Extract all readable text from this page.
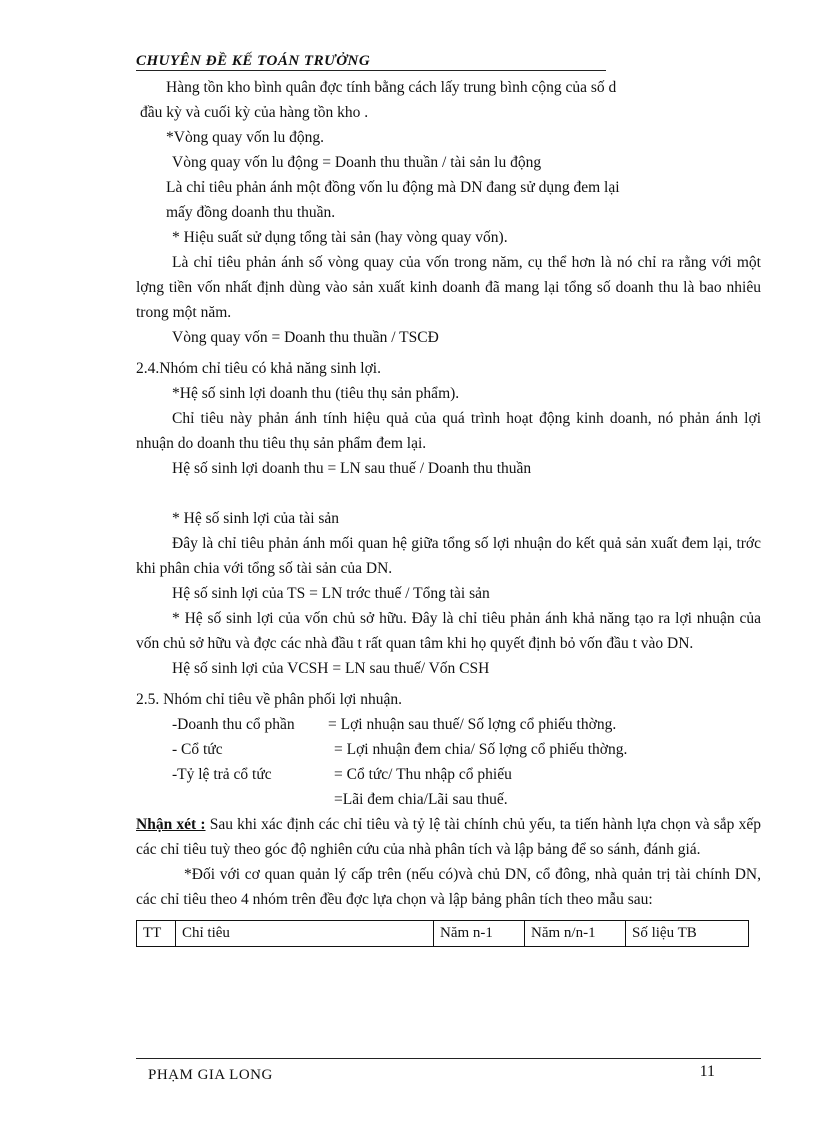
CHUYÊN ĐỀ KẾ TOÁN TRƯỞNG

Hàng tồn kho bình quân đợc tính bằng cách lấy trung bình cộng của số d

đầu kỳ và cuối kỳ của hàng tồn kho .

*Vòng quay vốn lu động.

Vòng quay vốn lu động = Doanh thu thuần / tài sản lu động

Là chỉ tiêu phản ánh một đồng vốn lu động mà DN đang sử dụng đem lại

mấy đồng doanh thu thuần.

* Hiệu suất sử dụng tổng tài sản (hay vòng quay vốn).

Là chỉ tiêu phản ánh số vòng quay của vốn trong năm, cụ thể hơn là nó chỉ ra rằng với một lợng tiền vốn nhất định dùng vào sản xuất kinh doanh đã mang lại tổng số doanh thu là bao nhiêu trong một năm.

Vòng quay vốn = Doanh thu thuần / TSCĐ

2.4.Nhóm chỉ tiêu có khả năng sinh lợi.

*Hệ số sinh lợi doanh thu (tiêu thụ sản phẩm).

Chỉ tiêu này phản ánh tính hiệu quả của quá trình hoạt động kinh doanh, nó phản ánh lợi nhuận do doanh thu tiêu thụ sản phẩm đem lại.

Hệ số sinh lợi doanh thu = LN sau thuế / Doanh thu thuần

* Hệ số sinh lợi của tài sản

Đây là chỉ tiêu phản ánh mối quan hệ giữa tổng số lợi nhuận do kết quả sản xuất đem lại, trớc khi phân chia với tổng số tài sản của DN.

Hệ số sinh lợi của TS = LN trớc thuế / Tổng tài sản

* Hệ số sinh lợi của vốn chủ sở hữu. Đây là chỉ tiêu phản ánh khả năng tạo ra lợi nhuận của vốn chủ sở hữu và đợc các nhà đầu t rất quan tâm khi họ quyết định bỏ vốn đầu t vào DN.

Hệ số sinh lợi của VCSH = LN sau thuế/ Vốn CSH

2.5. Nhóm chỉ tiêu về phân phối lợi nhuận.

-Doanh thu cổ phần	= Lợi nhuận sau thuế/ Số lợng cổ phiếu thờng.
- Cổ tức	= Lợi nhuận đem chia/ Số lợng cổ phiếu thờng.
-Tỷ lệ trả cổ tức	= Cổ tức/ Thu nhập cổ phiếu
=Lãi đem chia/Lãi sau thuế.

Nhận xét : Sau khi xác định các chỉ tiêu và tỷ lệ tài chính chủ yếu, ta tiến hành lựa chọn và sắp xếp các chỉ tiêu tuỳ theo góc độ nghiên cứu của nhà phân tích và lập bảng để so sánh, đánh giá.

*Đối với cơ quan quản lý cấp trên (nếu có)và chủ DN, cổ đông, nhà quản trị tài chính DN, các chỉ tiêu theo 4 nhóm trên đều đợc lựa chọn và lập bảng phân tích theo mẫu sau:

TT	Chỉ tiêu	Năm n-1	Năm n/n-1	Số liệu TB
PHẠM GIA LONG	11
